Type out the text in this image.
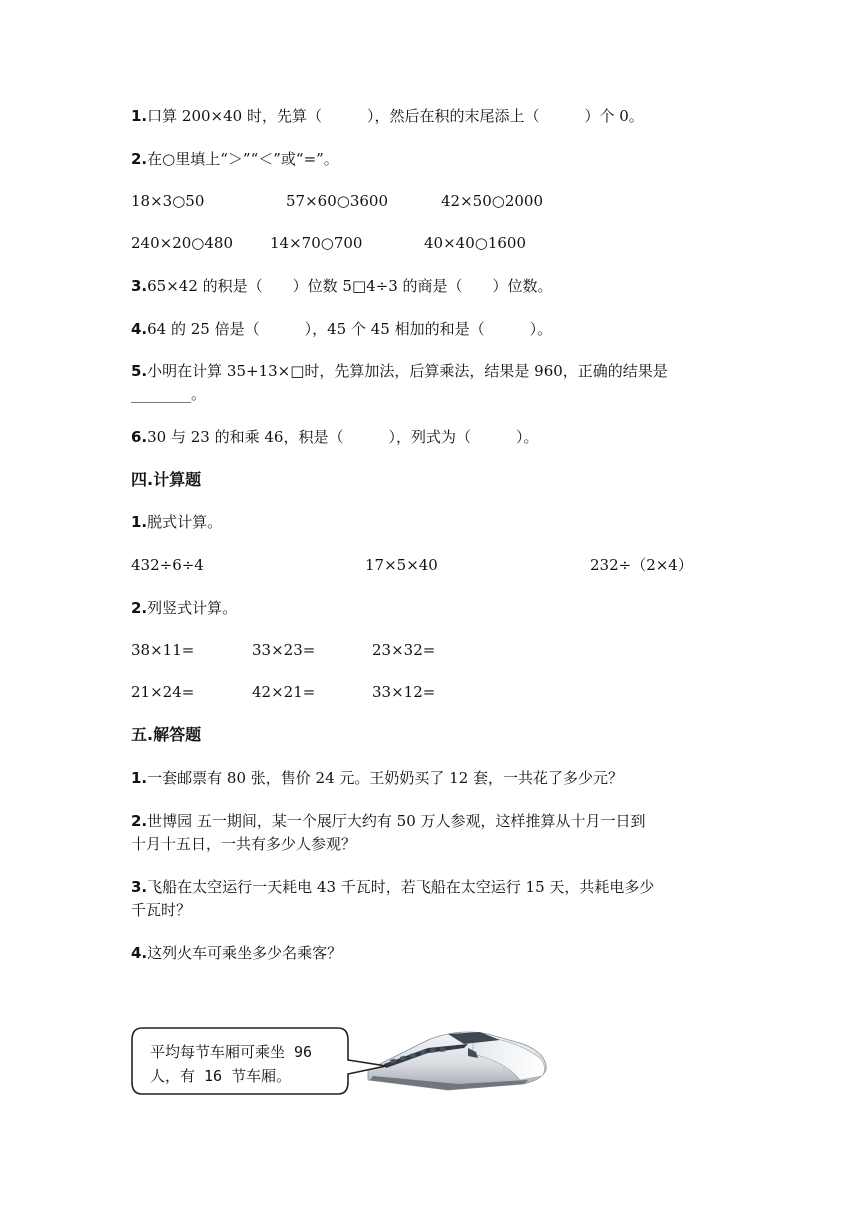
1.口算 200×40 时，先算（　　　），然后在积的末尾添上（　　　）个 0。
2.在○里填上“＞”“＜”或“=”。
18×3○50	57×60○3600	42×50○2000
240×20○480 14×70○700	40×40○1600
3.65×42 的积是（　　）位数 5□4÷3 的商是（　　）位数。
4.64 的 25 倍是（　　　），45 个 45 相加的和是（　　　）。
5.小明在计算 35+13×□时，先算加法，后算乘法，结果是 960，正确的结果是
________。
6.30 与 23 的和乘 46，积是（　　　），列式为（　　　）。
四.计算题
1.脱式计算。
432÷6÷4	17×5×40	232÷（2×4）
2.列竖式计算。
38×11=	33×23=	23×32=
21×24=	42×21=	33×12=
五.解答题
1.一套邮票有 80 张，售价 24 元。王奶奶买了 12 套，一共花了多少元？
2.世博园 五一期间，某一个展厅大约有 50 万人参观，这样推算从十月一日到
十月十五日，一共有多少人参观？
3.飞船在太空运行一天耗电 43 千瓦时，若飞船在太空运行 15 天，共耗电多少
千瓦时？
4.这列火车可乘坐多少名乘客？
平均每节车厢可乘坐 96
人，有 16 节车厢。
